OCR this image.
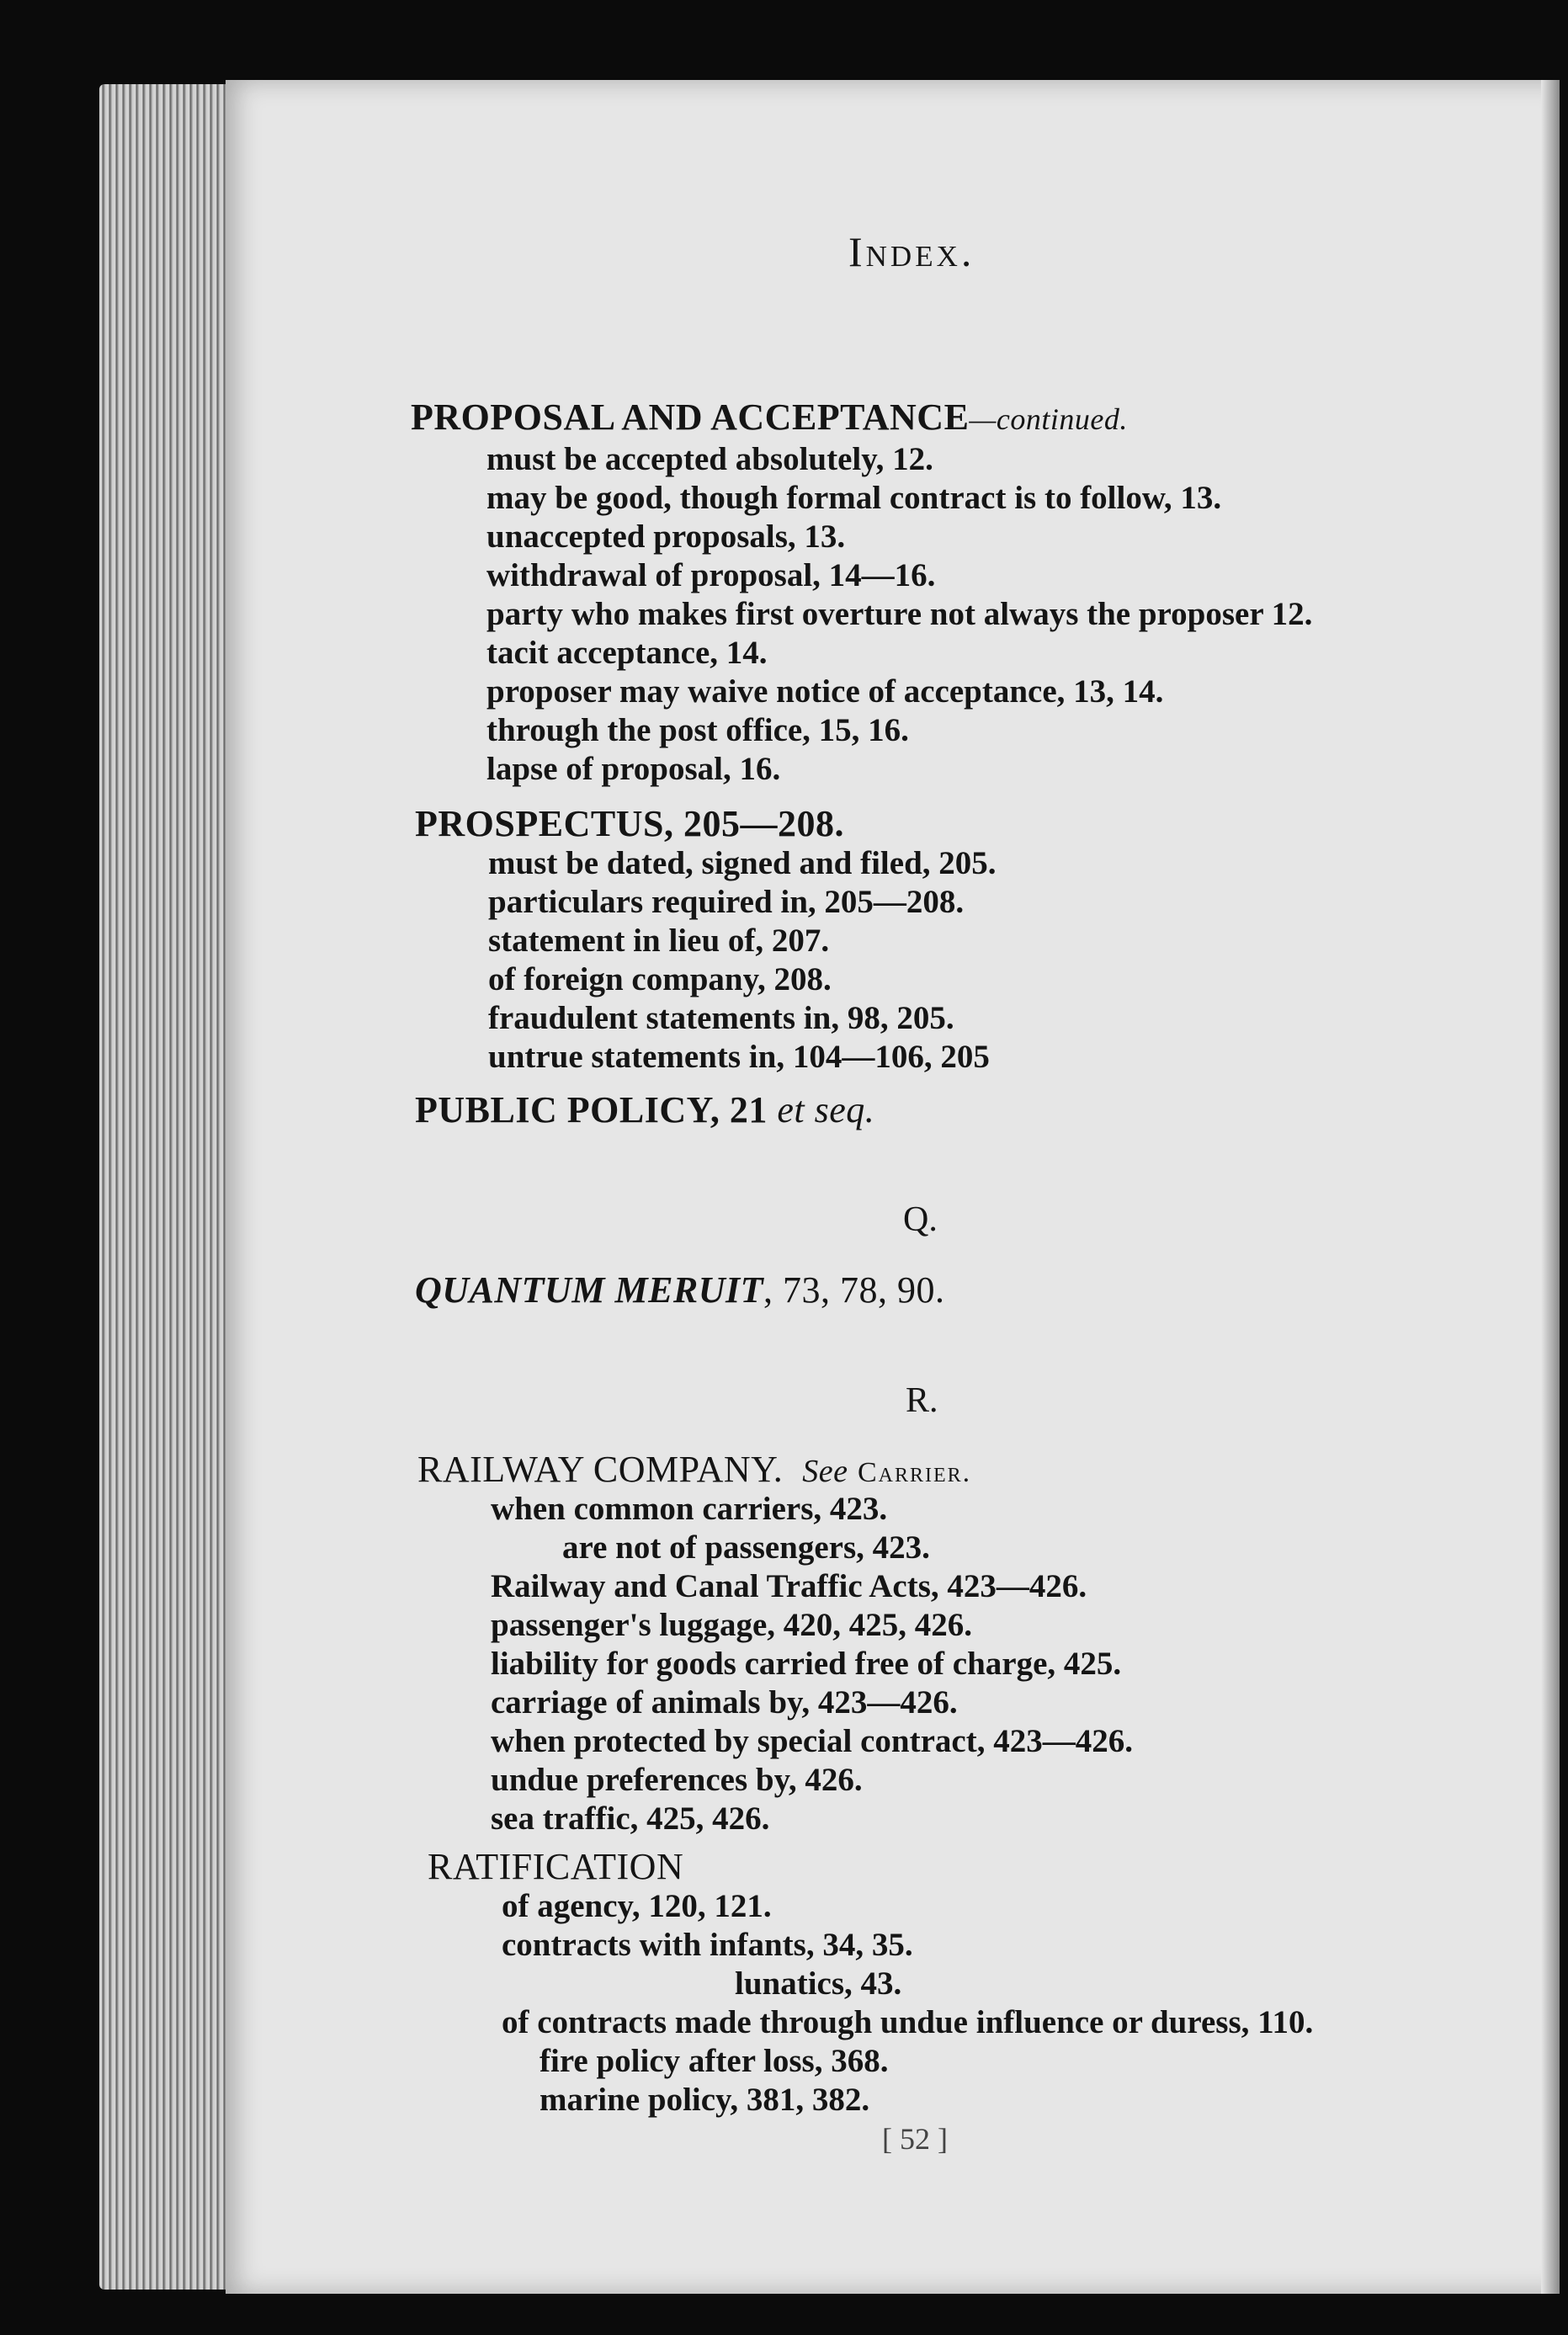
Index.
PROPOSAL AND ACCEPTANCE—continued.
must be accepted absolutely, 12.
may be good, though formal contract is to follow, 13.
unaccepted proposals, 13.
withdrawal of proposal, 14—16.
party who makes first overture not always the proposer 12.
tacit acceptance, 14.
proposer may waive notice of acceptance, 13, 14.
through the post office, 15, 16.
lapse of proposal, 16.
PROSPECTUS, 205—208.
must be dated, signed and filed, 205.
particulars required in, 205—208.
statement in lieu of, 207.
of foreign company, 208.
fraudulent statements in, 98, 205.
untrue statements in, 104—106, 205
PUBLIC POLICY, 21 et seq.
Q.
QUANTUM MERUIT, 73, 78, 90.
R.
RAILWAY COMPANY. See Carrier.
when common carriers, 423.
are not of passengers, 423.
Railway and Canal Traffic Acts, 423—426.
passenger's luggage, 420, 425, 426.
liability for goods carried free of charge, 425.
carriage of animals by, 423—426.
when protected by special contract, 423—426.
undue preferences by, 426.
sea traffic, 425, 426.
RATIFICATION
of agency, 120, 121.
contracts with infants, 34, 35.
lunatics, 43.
of contracts made through undue influence or duress, 110.
fire policy after loss, 368.
marine policy, 381, 382.
[ 52 ]
